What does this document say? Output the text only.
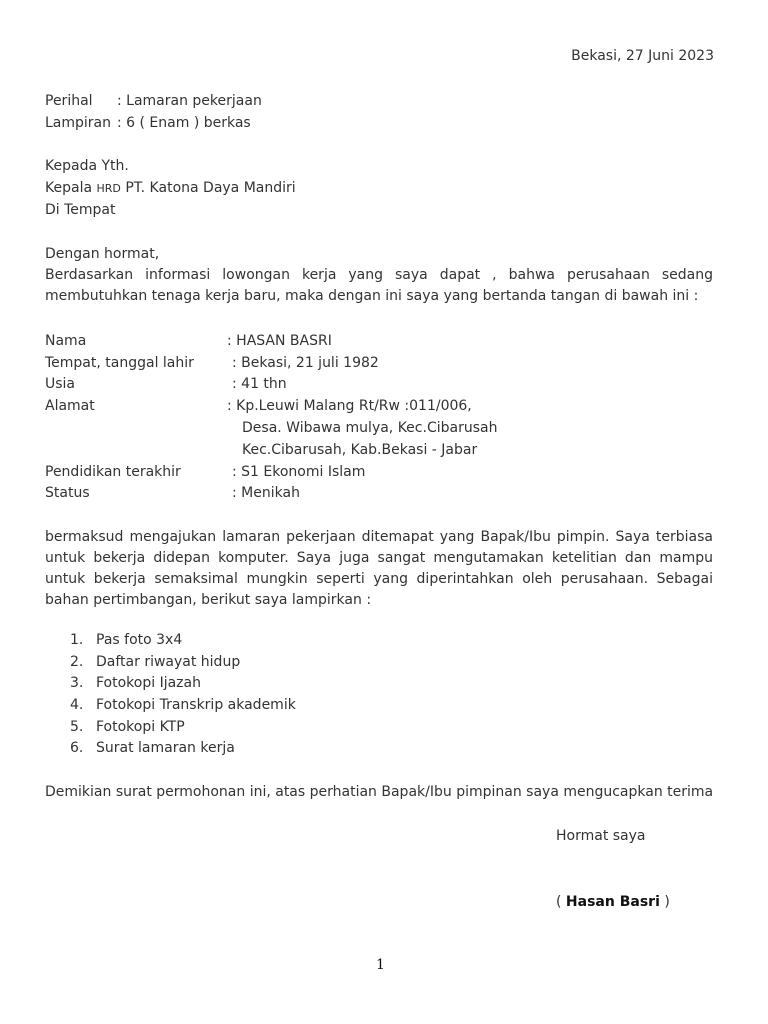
Bekasi, 27 Juni 2023
Perihal : Lamaran pekerjaan
Lampiran : 6 ( Enam ) berkas
Kepada Yth.
Kepala HRD PT. Katona Daya Mandiri
Di Tempat
Dengan hormat,
Berdasarkan informasi lowongan kerja yang saya dapat , bahwa perusahaan sedang membutuhkan tenaga kerja baru, maka dengan ini saya yang bertanda tangan di bawah ini :
Nama	: HASAN BASRI
Tempat, tanggal lahir	: Bekasi, 21 juli 1982
Usia	: 41 thn
Alamat	: Kp.Leuwi Malang Rt/Rw :011/006,
Desa. Wibawa mulya, Kec.Cibarusah
Kec.Cibarusah, Kab.Bekasi - Jabar
Pendidikan terakhir	: S1 Ekonomi Islam
Status	: Menikah
bermaksud mengajukan lamaran pekerjaan ditemapat yang Bapak/Ibu pimpin. Saya terbiasa untuk bekerja didepan komputer. Saya juga sangat mengutamakan ketelitian dan mampu untuk bekerja semaksimal mungkin seperti yang diperintahkan oleh perusahaan. Sebagai bahan pertimbangan, berikut saya lampirkan :
1. Pas foto 3x4
2. Daftar riwayat hidup
3. Fotokopi Ijazah
4. Fotokopi Transkrip akademik
5. Fotokopi KTP
6. Surat lamaran kerja
Demikian surat permohonan ini, atas perhatian Bapak/Ibu pimpinan saya mengucapkan terima
Hormat saya
( Hasan Basri )
1
